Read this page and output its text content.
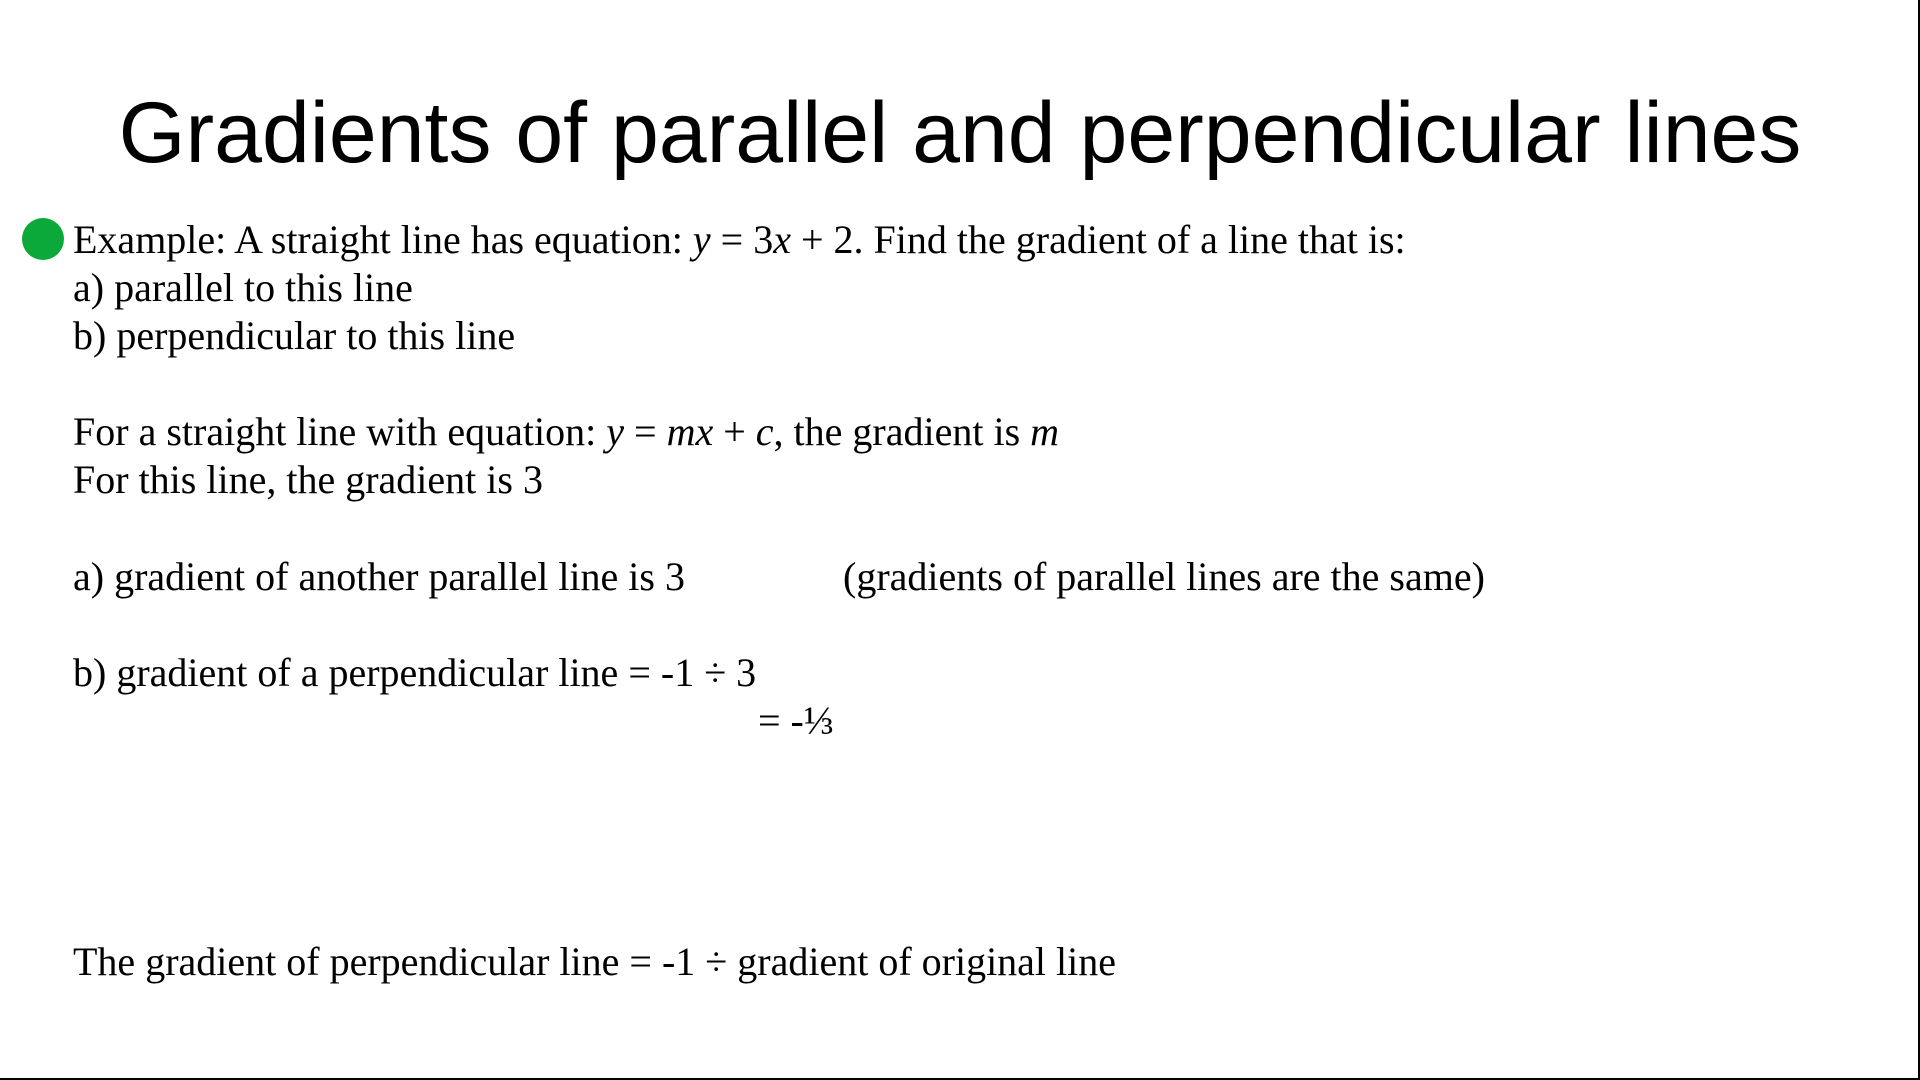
Gradients of parallel and perpendicular lines
Example: A straight line has equation: y = 3x + 2. Find the gradient of a line that is:
a) parallel to this line
b) perpendicular to this line
For a straight line with equation: y = mx + c, the gradient is m
For this line, the gradient is 3
a) gradient of another parallel line is 3	(gradients of parallel lines are the same)
b) gradient of a perpendicular line = -1 ÷ 3
= -⅓
The gradient of perpendicular line = -1 ÷ gradient of original line
